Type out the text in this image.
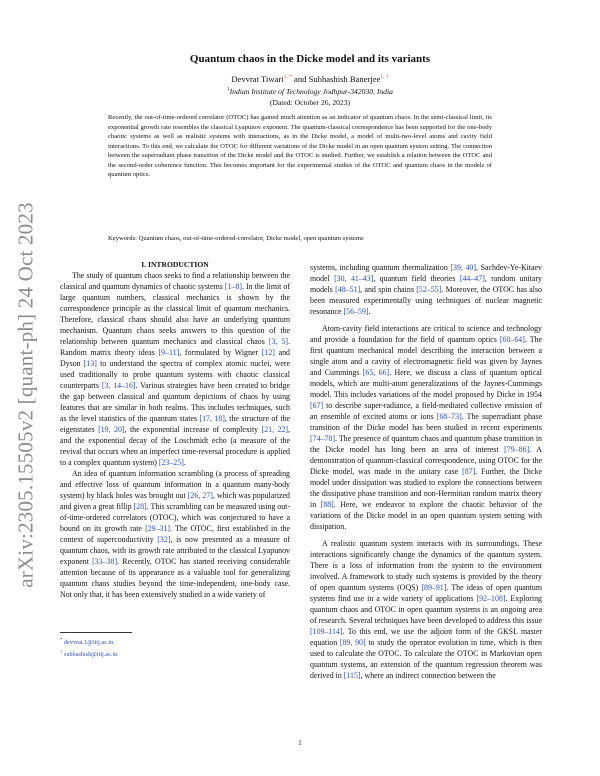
arXiv:2305.15505v2 [quant-ph] 24 Oct 2023
Quantum chaos in the Dicke model and its variants
Devvrat Tiwari$^{1, *}$ and Subhashish Banerjee$^{1, \dagger}$
$^1$Indian Institute of Technology Jodhpur-342030, India
(Dated: October 26, 2023)
Recently, the out-of-time-ordered correlator (OTOC) has gained much attention as an indicator of quantum chaos. In the semi-classical limit, its exponential growth rate resembles the classical Lyapunov exponent. The quantum-classical correspondence has been supported for the one-body chaotic systems as well as realistic systems with interactions, as in the Dicke model, a model of multi-two-level atoms and cavity field interactions. To this end, we calculate the OTOC for different variations of the Dicke model in an open quantum system setting. The connection between the superradiant phase transition of the Dicke model and the OTOC is studied. Further, we establish a relation between the OTOC and the second-order coherence function. This becomes important for the experimental studies of the OTOC and quantum chaos in the models of quantum optics.
Keywords: Quantum chaos, out-of-time-ordered-correlator, Dicke model, open quantum systems

I. INTRODUCTION

The study of quantum chaos seeks to find a relationship between the classical and quantum dynamics of chaotic systems [1–8]. In the limit of large quantum numbers, classical mechanics is shown by the correspondence principle as the classical limit of quantum mechanics. Therefore, classical chaos should also have an underlying quantum mechanism. Quantum chaos seeks answers to this question of the relationship between quantum mechanics and classical chaos [3, 5]. Random matrix theory ideas [9–11], formulated by Wigner [12] and Dyson [13] to understand the spectra of complex atomic nuclei, were used traditionally to probe quantum systems with chaotic classical counterparts [3, 14–16]. Various strategies have been created to bridge the gap between classical and quantum depictions of chaos by using features that are similar in both realms. This includes techniques, such as the level statistics of the quantum states [17, 18], the structure of the eigenstates [19, 20], the exponential increase of complexity [21, 22], and the exponential decay of the Loschmidt echo (a measure of the revival that occurs when an imperfect time-reversal procedure is applied to a complex quantum system) [23–25].

An idea of quantum information scrambling (a process of spreading and effective loss of quantum information in a quantum many-body system) by black holes was brought out [26, 27], which was popularized and given a great fillip [28]. This scrambling can be measured using out-of-time-ordered correlators (OTOC), which was conjectured to have a bound on its growth rate [29–31]. The OTOC, first established in the context of superconductivity [32], is now presented as a measure of quantum chaos, with its growth rate attributed to the classical Lyapunov exponent [33–38]. Recently, OTOC has started receiving considerable attention because of its appearance as a valuable tool for generalizing quantum chaos studies beyond the time-independent, one-body case. Not only that, it has been extensively studied in a wide variety of

systems, including quantum thermalization [39, 40], Sachdev-Ye-Kitaev model [30, 41–43], quantum field theories [44–47], random unitary models [48–51], and spin chains [52–55]. Moreover, the OTOC has also been measured experimentally using techniques of nuclear magnetic resonance [56–59].

Atom-cavity field interactions are critical to science and technology and provide a foundation for the field of quantum optics [60–64]. The first quantum mechanical model describing the interaction between a single atom and a cavity of electromagnetic field was given by Jaynes and Cummings [65, 66]. Here, we discuss a class of quantum optical models, which are multi-atom generalizations of the Jaynes-Cummings model. This includes variations of the model proposed by Dicke in 1954 [67] to describe super-radiance, a field-mediated collective emission of an ensemble of excited atoms or ions [68–73]. The superradiant phase transition of the Dicke model has been studied in recent experiments [74–78]. The presence of quantum chaos and quantum phase transition in the Dicke model has long been an area of interest [79–86]. A demonstration of quantum-classical correspondence, using OTOC for the Dicke model, was made in the unitary case [87]. Further, the Dicke model under dissipation was studied to explore the connections between the dissipative phase transition and non-Hermitian random matrix theory in [88]. Here, we endeavor to explore the chaotic behavior of the variations of the Dicke model in an open quantum system setting with dissipation.

A realistic quantum system interacts with its surroundings. These interactions significantly change the dynamics of the quantum system. There is a loss of information from the system to the environment involved. A framework to study such systems is provided by the theory of open quantum systems (OQS) [89–91]. The ideas of open quantum systems find use in a wide variety of applications [92–108]. Exploring quantum chaos and OTOC in open quantum systems is an ongoing area of research. Several techniques have been developed to address this issue [109–114]. To this end, we use the adjoint form of the GKSL master equation [89, 90] to study the operator evolution in time, which is then used to calculate the OTOC. To calculate the OTOC in Markovian open quantum systems, an extension of the quantum regression theorem was derived in [115], where an indirect connection between the

* devvrat.1@iitj.ac.in
† subhashish@iitj.ac.in
1
